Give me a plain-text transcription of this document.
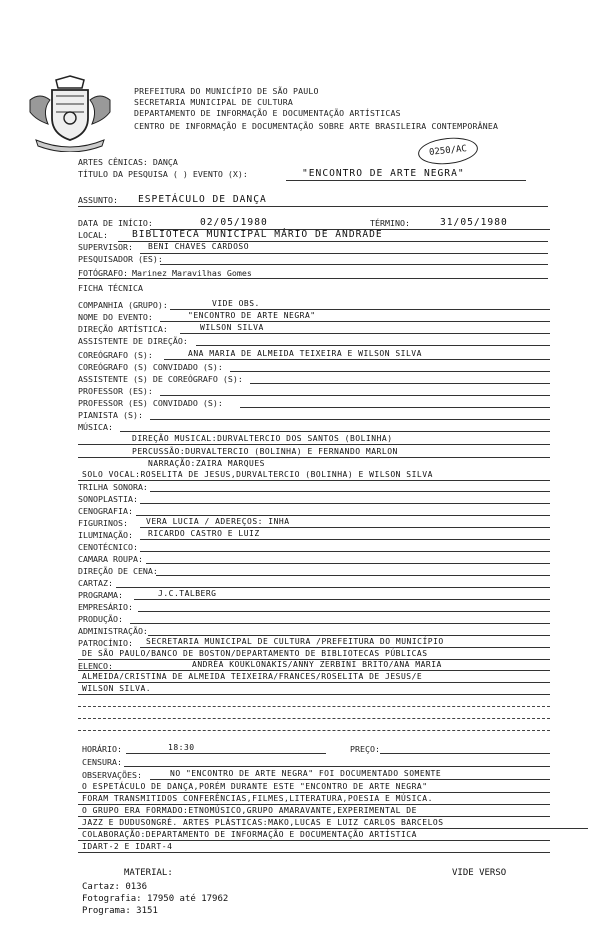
PREFEITURA DO MUNICÍPIO DE SÃO PAULO
SECRETARIA MUNICIPAL DE CULTURA
DEPARTAMENTO DE INFORMAÇÃO E DOCUMENTAÇÃO ARTÍSTICAS
CENTRO DE INFORMAÇÃO E DOCUMENTAÇÃO SOBRE ARTE BRASILEIRA CONTEMPORÂNEA
0250/AC
ARTES CÊNICAS: DANÇA
TÍTULO DA PESQUISA ( ) EVENTO (X):	"ENCONTRO DE ARTE NEGRA"
ASSUNTO: ESPETÁCULO DE DANÇA
DATA DE INÍCIO:	02/05/1980	TÉRMINO:	31/05/1980
LOCAL:	BIBLIOTECA MUNICIPAL MÁRIO DE ANDRADE
SUPERVISOR: BENI CHAVES CARDOSO
PESQUISADOR (ES):
FOTÓGRAFO: Marinez Maravilhas Gomes
FICHA TÉCNICA
COMPANHIA (GRUPO):	VIDE OBS.
NOME DO EVENTO:	"ENCONTRO DE ARTE NEGRA"
DIREÇÃO ARTÍSTICA:	WILSON SILVA
ASSISTENTE DE DIREÇÃO:
COREÓGRAFO (S):	ANA MARIA DE ALMEIDA TEIXEIRA E WILSON SILVA
COREÓGRAFO (S) CONVIDADO (S):
ASSISTENTE (S) DE COREÓGRAFO (S):
PROFESSOR (ES):
PROFESSOR (ES) CONVIDADO (S):
PIANISTA (S):
MÚSICA:
DIREÇÃO MUSICAL:DURVALTERCIO DOS SANTOS (BOLINHA)
PERCUSSÃO:DURVALTERCIO (BOLINHA) E FERNANDO MARLON
NARRAÇÃO:ZAIRA MARQUES
SOLO VOCAL:ROSELITA DE JESUS,DURVALTERCIO (BOLINHA) E WILSON SILVA
TRILHA SONORA:
SONOPLASTIA:
CENOGRAFIA:
FIGURINOS: VERA LUCIA / ADEREÇOS: INHA
ILUMINAÇÃO: RICARDO CASTRO E LUIZ
CENOTÉCNICO:
CAMARA ROUPA:
DIREÇÃO DE CENA:
CARTAZ:
PROGRAMA:	J.C.TALBERG
EMPRESÁRIO:
PRODUÇÃO:
ADMINISTRAÇÃO:
PATROCÍNIO: SECRETARIA MUNICIPAL DE CULTURA /PREFEITURA DO MUNICÍPIO
DE SÃO PAULO/BANCO DE BOSTON/DEPARTAMENTO DE BIBLIOTECAS PÚBLICAS
ELENCO:	ANDRÉA KOUKLONAKIS/ANNY ZERBINI BRITO/ANA MARIA
ALMEIDA/CRISTINA DE ALMEIDA TEIXEIRA/FRANCES/ROSELITA DE JESUS/E
WILSON SILVA.
HORÁRIO:	18:30	PREÇO:
CENSURA:
OBSERVAÇÕES:	NO "ENCONTRO DE ARTE NEGRA" FOI DOCUMENTADO SOMENTE
O ESPETÁCULO DE DANÇA,PORÉM DURANTE ESTE "ENCONTRO DE ARTE NEGRA"
FORAM TRANSMITIDOS CONFERÊNCIAS,FILMES,LITERATURA,POESIA E MÚSICA.
O GRUPO ERA FORMADO:ETNOMÚSICO,GRUPO AMARAVANTE,EXPERIMENTAL DE
JAZZ E DUDUSONGRÉ. ARTES PLÁSTICAS:MAKO,LUCAS E LUIZ CARLOS BARCELOS
COLABORAÇÃO:DEPARTAMENTO DE INFORMAÇÃO E DOCUMENTAÇÃO ARTÍSTICA
IDART-2 E IDART-4
MATERIAL:	VIDE VERSO
Cartaz: 0136
Fotografia: 17950 até 17962
Programa: 3151
